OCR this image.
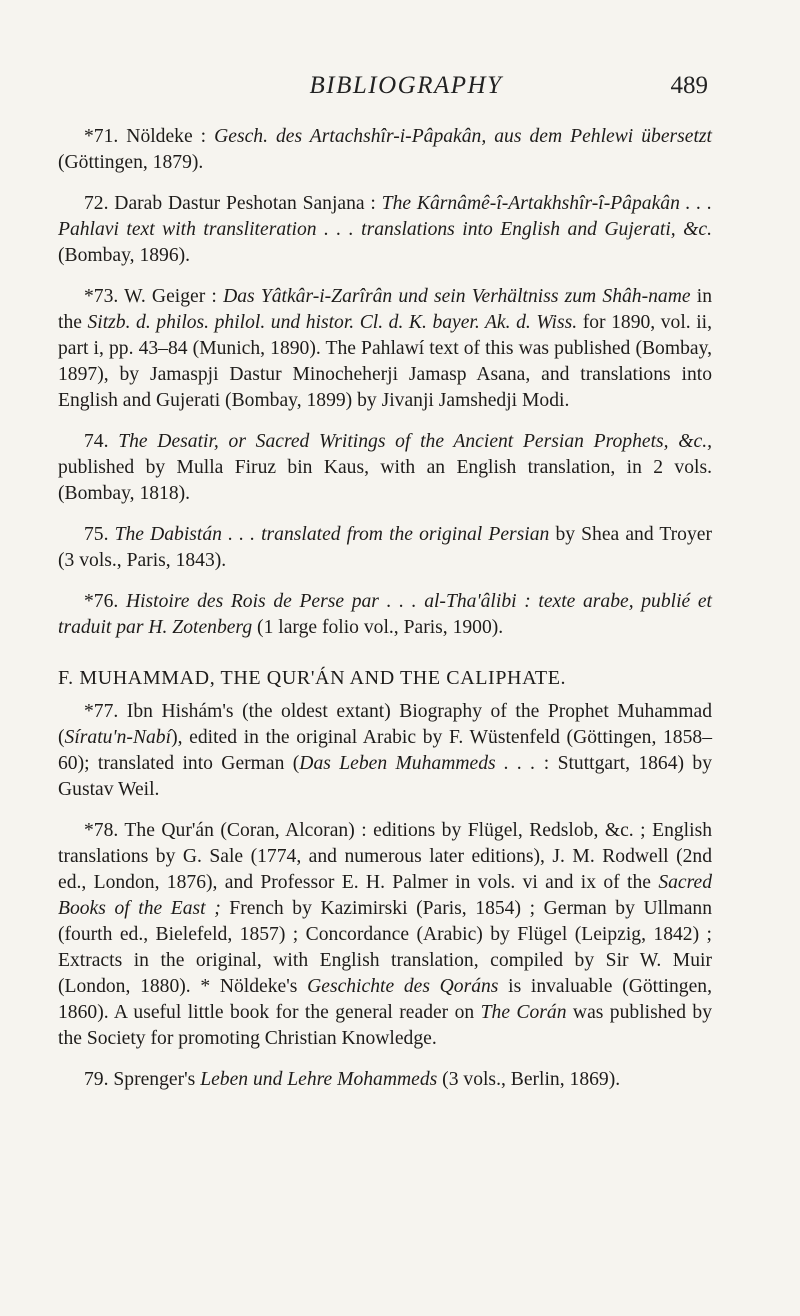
BIBLIOGRAPHY	489

*71. Nöldeke : Gesch. des Artachshîr-i-Pâpakân, aus dem Pehlewi übersetzt (Göttingen, 1879).

72. Darab Dastur Peshotan Sanjana : The Kârnâmê-î-Artakhshîr-î-Pâpakân . . . Pahlavi text with transliteration . . . translations into English and Gujerati, &c. (Bombay, 1896).

*73. W. Geiger : Das Yâtkâr-i-Zarîrân und sein Verhältniss zum Shâh-name in the Sitzb. d. philos. philol. und histor. Cl. d. K. bayer. Ak. d. Wiss. for 1890, vol. ii, part i, pp. 43–84 (Munich, 1890). The Pahlawí text of this was published (Bombay, 1897), by Jamaspji Dastur Minocheherji Jamasp Asana, and translations into English and Gujerati (Bombay, 1899) by Jivanji Jamshedji Modi.

74. The Desatir, or Sacred Writings of the Ancient Persian Prophets, &c., published by Mulla Firuz bin Kaus, with an English translation, in 2 vols. (Bombay, 1818).

75. The Dabistán . . . translated from the original Persian by Shea and Troyer (3 vols., Paris, 1843).

*76. Histoire des Rois de Perse par . . . al-Tha'âlibi : texte arabe, publié et traduit par H. Zotenberg (1 large folio vol., Paris, 1900).

F. MUHAMMAD, THE QUR'ÁN AND THE CALIPHATE.

*77. Ibn Hishám's (the oldest extant) Biography of the Prophet Muhammad (Síratu'n-Nabí), edited in the original Arabic by F. Wüstenfeld (Göttingen, 1858–60); translated into German (Das Leben Muhammeds . . . : Stuttgart, 1864) by Gustav Weil.

*78. The Qur'án (Coran, Alcoran) : editions by Flügel, Redslob, &c. ; English translations by G. Sale (1774, and numerous later editions), J. M. Rodwell (2nd ed., London, 1876), and Professor E. H. Palmer in vols. vi and ix of the Sacred Books of the East ; French by Kazimirski (Paris, 1854) ; German by Ullmann (fourth ed., Bielefeld, 1857) ; Concordance (Arabic) by Flügel (Leipzig, 1842) ; Extracts in the original, with English translation, compiled by Sir W. Muir (London, 1880). * Nöldeke's Geschichte des Qoráns is invaluable (Göttingen, 1860). A useful little book for the general reader on The Corán was published by the Society for promoting Christian Knowledge.

79. Sprenger's Leben und Lehre Mohammeds (3 vols., Berlin, 1869).
